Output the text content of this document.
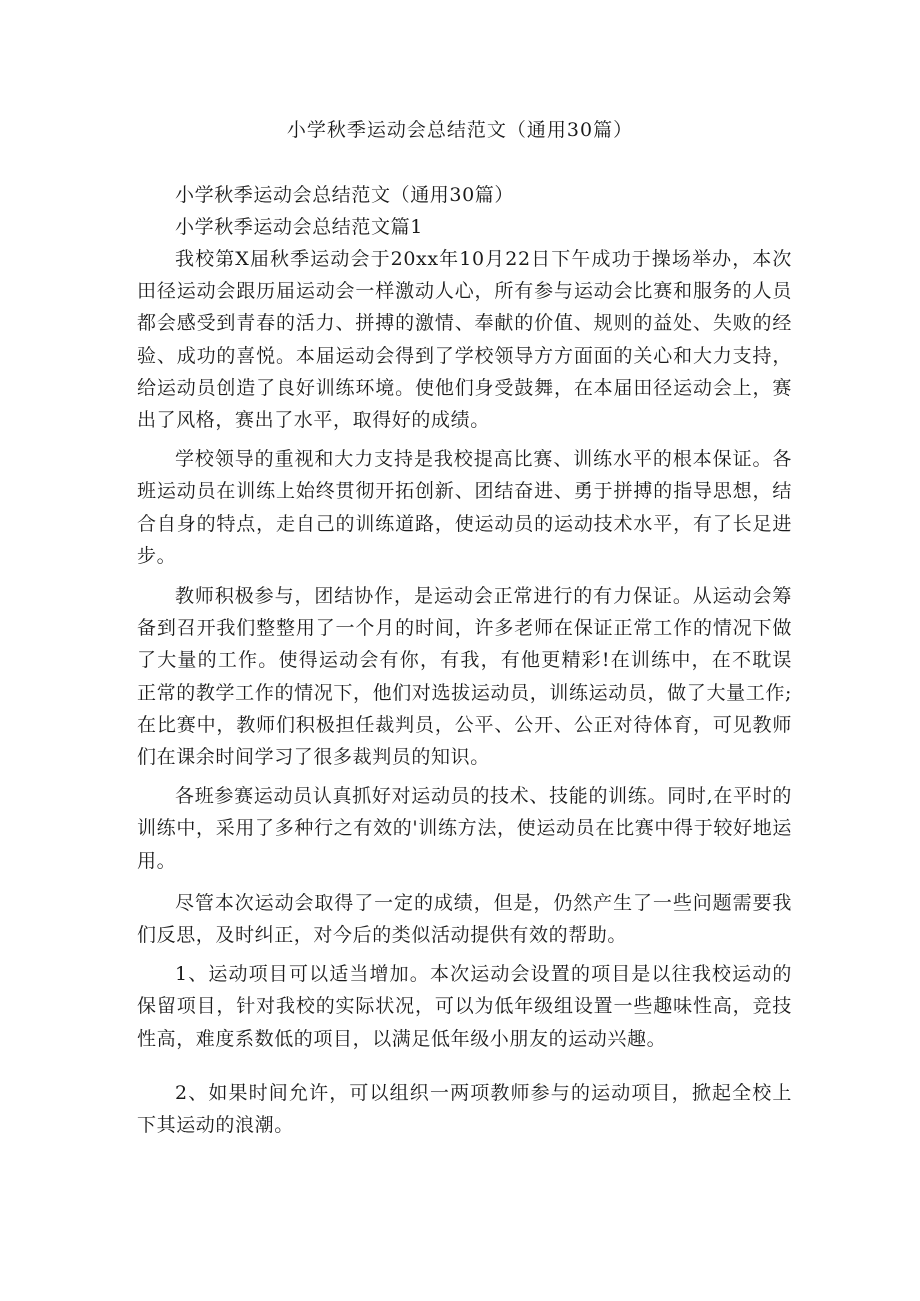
小学秋季运动会总结范文（通用30篇）

小学秋季运动会总结范文（通用30篇）

小学秋季运动会总结范文篇1

我校第X届秋季运动会于20xx年10月22日下午成功于操场举办，本次田径运动会跟历届运动会一样激动人心，所有参与运动会比赛和服务的人员都会感受到青春的活力、拼搏的激情、奉献的价值、规则的益处、失败的经验、成功的喜悦。本届运动会得到了学校领导方方面面的关心和大力支持，给运动员创造了良好训练环境。使他们身受鼓舞，在本届田径运动会上，赛出了风格，赛出了水平，取得好的成绩。

学校领导的重视和大力支持是我校提高比赛、训练水平的根本保证。各班运动员在训练上始终贯彻开拓创新、团结奋进、勇于拼搏的指导思想，结合自身的特点，走自己的训练道路，使运动员的运动技术水平，有了长足进步。

教师积极参与，团结协作，是运动会正常进行的有力保证。从运动会筹备到召开我们整整用了一个月的时间，许多老师在保证正常工作的情况下做了大量的工作。使得运动会有你，有我，有他更精彩!在训练中，在不耽误正常的教学工作的情况下，他们对选拔运动员，训练运动员，做了大量工作;在比赛中，教师们积极担任裁判员，公平、公开、公正对待体育，可见教师们在课余时间学习了很多裁判员的知识。

各班参赛运动员认真抓好对运动员的技术、技能的训练。同时,在平时的训练中，采用了多种行之有效的'训练方法，使运动员在比赛中得于较好地运用。

尽管本次运动会取得了一定的成绩，但是，仍然产生了一些问题需要我们反思，及时纠正，对今后的类似活动提供有效的帮助。

1、运动项目可以适当增加。本次运动会设置的项目是以往我校运动的保留项目，针对我校的实际状况，可以为低年级组设置一些趣味性高，竞技性高，难度系数低的项目，以满足低年级小朋友的运动兴趣。

2、如果时间允许，可以组织一两项教师参与的运动项目，掀起全校上下其运动的浪潮。
